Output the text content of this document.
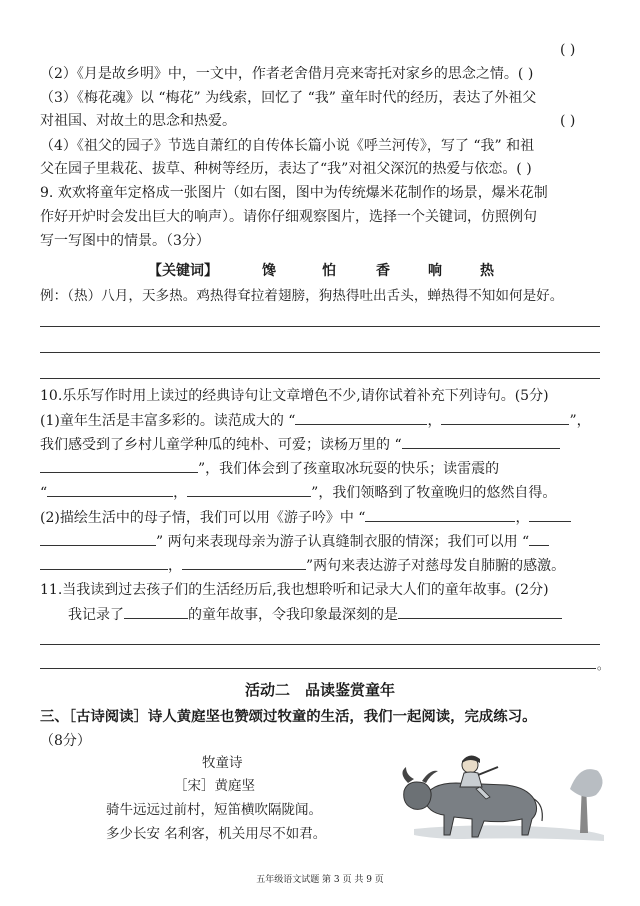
( )
（2）《月是故乡明》中，一文中，作者老舍借月亮来寄托对家乡的思念之情。( )
（3）《梅花魂》以 “梅花” 为线索，回忆了 “我” 童年时代的经历，表达了外祖父
对祖国、对故土的思念和热爱。	( )
（4）《祖父的园子》节选自萧红的自传体长篇小说《呼兰河传》，写了 “我” 和祖
父在园子里栽花、拔草、种树等经历，表达了“我”对祖父深沉的热爱与依恋。( )
9. 欢欢将童年定格成一张图片（如右图，图中为传统爆米花制作的场景，爆米花制
作好开炉时会发出巨大的响声）。请你仔细观察图片，选择一个关键词，仿照例句
写一写图中的情景。（3分）
【关键词】	馋	怕	香	响	热
例：（热）八月，天多热。鸡热得耷拉着翅膀，狗热得吐出舌头，蝉热得不知如何是好。
10.乐乐写作时用上读过的经典诗句让文章增色不少,请你试着补充下列诗句。(5分)
(1)童年生活是丰富多彩的。读范成大的 “	，	”，
我们感受到了乡村儿童学种瓜的纯朴、可爱；读杨万里的 “
”，我们体会到了孩童取冰玩耍的快乐；读雷震的
“	，	”，我们领略到了牧童晚归的悠然自得。
(2)描绘生活中的母子情，我们可以用《游子吟》中 “	，
” 两句来表现母亲为游子认真缝制衣服的情深；我们可以用 “
，	”两句来表达游子对慈母发自肺腑的感激。
11.当我读到过去孩子们的生活经历后,我也想聆听和记录大人们的童年故事。(2分)
我记录了	的童年故事，令我印象最深刻的是
。
活动二　品读鉴赏童年
三、［古诗阅读］诗人黄庭坚也赞颂过牧童的生活，我们一起阅读，完成练习。
（8分）
牧童诗
［宋］黄庭坚
骑牛远远过前村，短笛横吹隔陇闻。
多少长安 名利客，机关用尽不如君。
五年级语文试题 第 3 页 共 9 页
